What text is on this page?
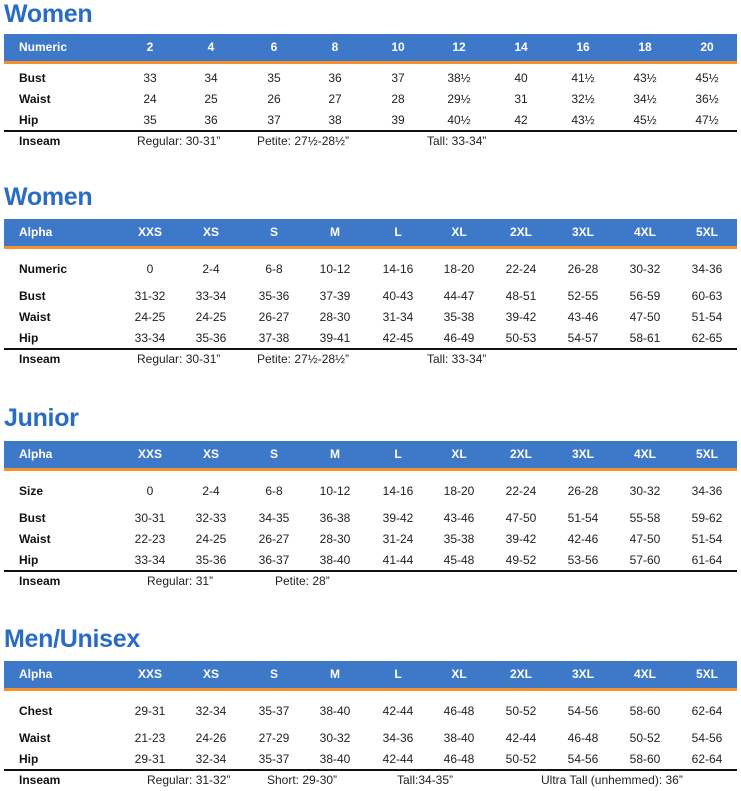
Women
Numeric	2	4	6	8	10	12	14	16	18	20
Bust	33	34	35	36	37	38½	40	41½	43½	45½
Waist	24	25	26	27	28	29½	31	32½	34½	36½
Hip	35	36	37	38	39	40½	42	43½	45½	47½
Inseam	Regular: 30-31”	Petite: 27½-28½”	Tall: 33-34”
Women
Alpha	XXS	XS	S	M	L	XL	2XL	3XL	4XL	5XL
Numeric	0	2-4	6-8	10-12	14-16	18-20	22-24	26-28	30-32	34-36
Bust	31-32	33-34	35-36	37-39	40-43	44-47	48-51	52-55	56-59	60-63
Waist	24-25	24-25	26-27	28-30	31-34	35-38	39-42	43-46	47-50	51-54
Hip	33-34	35-36	37-38	39-41	42-45	46-49	50-53	54-57	58-61	62-65
Inseam	Regular: 30-31”	Petite: 27½-28½”	Tall: 33-34”
Junior
Alpha	XXS	XS	S	M	L	XL	2XL	3XL	4XL	5XL
Size	0	2-4	6-8	10-12	14-16	18-20	22-24	26-28	30-32	34-36
Bust	30-31	32-33	34-35	36-38	39-42	43-46	47-50	51-54	55-58	59-62
Waist	22-23	24-25	26-27	28-30	31-24	35-38	39-42	42-46	47-50	51-54
Hip	33-34	35-36	36-37	38-40	41-44	45-48	49-52	53-56	57-60	61-64
Inseam	Regular: 31”	Petite: 28”
Men/Unisex
Alpha	XXS	XS	S	M	L	XL	2XL	3XL	4XL	5XL
Chest	29-31	32-34	35-37	38-40	42-44	46-48	50-52	54-56	58-60	62-64
Waist	21-23	24-26	27-29	30-32	34-36	38-40	42-44	46-48	50-52	54-56
Hip	29-31	32-34	35-37	38-40	42-44	46-48	50-52	54-56	58-60	62-64
Inseam	Regular: 31-32”	Short: 29-30”	Tall:34-35”	Ultra Tall (unhemmed): 36”
